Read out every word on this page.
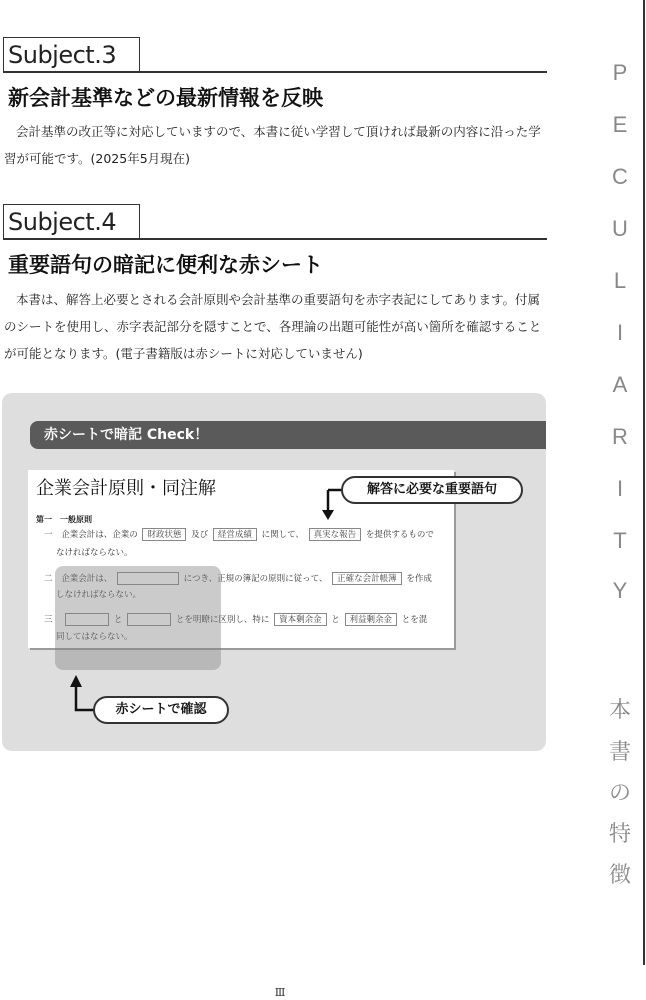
P
E
C
U
L
I
A
R
I
T
Y
本
書
の
特
徴
Subject.3
新会計基準などの最新情報を反映
会計基準の改正等に対応していますので、本書に従い学習して頂ければ最新の内容に沿った学習が可能です。(2025年5月現在)
Subject.4
重要語句の暗記に便利な赤シート
本書は、解答上必要とされる会計原則や会計基準の重要語句を赤字表記にしてあります。付属のシートを使用し、赤字表記部分を隠すことで、各理論の出題可能性が高い箇所を確認することが可能となります。(電子書籍版は赤シートに対応していません)
赤シートで暗記 Check！
企業会計原則・同注解
第一　一般原則
一 企業会計は、企業の 財政状態 及び 経営成績 に関して、 真実な報告 を提供するもので
なければならない。
二 企業会計は、	につき、正規の簿記の原則に従って、 正確な会計帳簿 を作成
しなければならない。
三	と	とを明瞭に区別し、特に 資本剰余金 と 利益剰余金 とを混
同してはならない。
解答に必要な重要語句
赤シートで確認
Ⅲ
